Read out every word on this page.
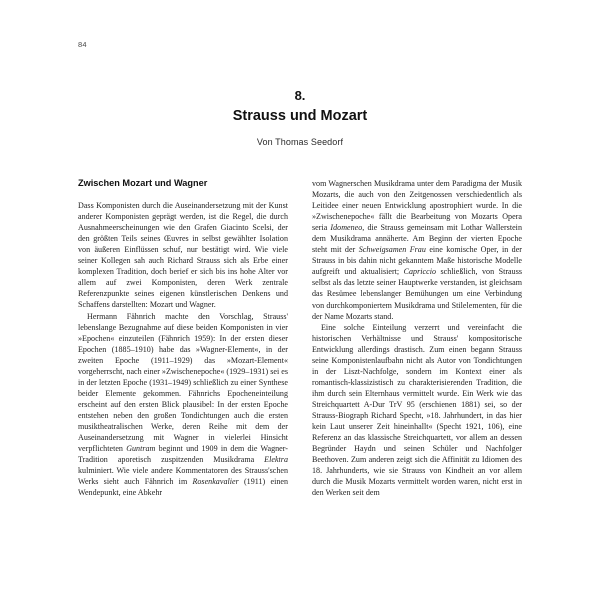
84
8.
Strauss und Mozart
Von Thomas Seedorf
Zwischen Mozart und Wagner

Dass Komponisten durch die Auseinandersetzung mit der Kunst anderer Komponisten geprägt werden, ist die Regel, die durch Ausnahmeerscheinungen wie den Grafen Giacinto Scelsi, der den größten Teils seines Œuvres in selbst gewählter Isolation von äußeren Einflüssen schuf, nur bestätigt wird. Wie viele seiner Kollegen sah auch Richard Strauss sich als Erbe einer komplexen Tradition, doch berief er sich bis ins hohe Alter vor allem auf zwei Komponisten, deren Werk zentrale Referenzpunkte seines eigenen künstlerischen Denkens und Schaffens darstellten: Mozart und Wagner.

Hermann Fähnrich machte den Vorschlag, Strauss' lebenslange Bezugnahme auf diese beiden Komponisten in vier »Epochen« einzuteilen (Fähnrich 1959): In der ersten dieser Epochen (1885–1910) habe das »Wagner-Element«, in der zweiten Epoche (1911–1929) das »Mozart-Element« vorgeherrscht, nach einer »Zwischenepoche« (1929–1931) sei es in der letzten Epoche (1931–1949) schließlich zu einer Synthese beider Elemente gekommen. Fähnrichs Epocheneinteilung erscheint auf den ersten Blick plausibel: In der ersten Epoche entstehen neben den großen Tondichtungen auch die ersten musiktheatralischen Werke, deren Reihe mit dem der Auseinandersetzung mit Wagner in vielerlei Hinsicht verpflichteten Guntram beginnt und 1909 in dem die Wagner-Tradition aporetisch zuspitzenden Musikdrama Elektra kulminiert. Wie viele andere Kommentatoren des Strauss'schen Werks sieht auch Fähnrich im Rosenkavalier (1911) einen Wendepunkt, eine Abkehr

vom Wagnerschen Musikdrama unter dem Paradigma der Musik Mozarts, die auch von den Zeitgenossen verschiedentlich als Leitidee einer neuen Entwicklung apostrophiert wurde. In die »Zwischenepoche« fällt die Bearbeitung von Mozarts Opera seria Idomeneo, die Strauss gemeinsam mit Lothar Wallerstein dem Musikdrama annäherte. Am Beginn der vierten Epoche steht mit der Schweigsamen Frau eine komische Oper, in der Strauss in bis dahin nicht gekanntem Maße historische Modelle aufgreift und aktualisiert; Capriccio schließlich, von Strauss selbst als das letzte seiner Hauptwerke verstanden, ist gleichsam das Resümee lebenslanger Bemühungen um eine Verbindung von durchkomponiertem Musikdrama und Stilelementen, für die der Name Mozarts stand.

Eine solche Einteilung verzerrt und vereinfacht die historischen Verhältnisse und Strauss' kompositorische Entwicklung allerdings drastisch. Zum einen begann Strauss seine Komponistenlaufbahn nicht als Autor von Tondichtungen in der Liszt-Nachfolge, sondern im Kontext einer als romantisch-klassizistisch zu charakterisierenden Tradition, die ihm durch sein Elternhaus vermittelt wurde. Ein Werk wie das Streichquartett A-Dur TrV 95 (erschienen 1881) sei, so der Strauss-Biograph Richard Specht, »18. Jahrhundert, in das hier kein Laut unserer Zeit hineinhallt« (Specht 1921, 106), eine Referenz an das klassische Streichquartett, vor allem an dessen Begründer Haydn und seinen Schüler und Nachfolger Beethoven. Zum anderen zeigt sich die Affinität zu Idiomen des 18. Jahrhunderts, wie sie Strauss von Kindheit an vor allem durch die Musik Mozarts vermittelt worden waren, nicht erst in den Werken seit dem
